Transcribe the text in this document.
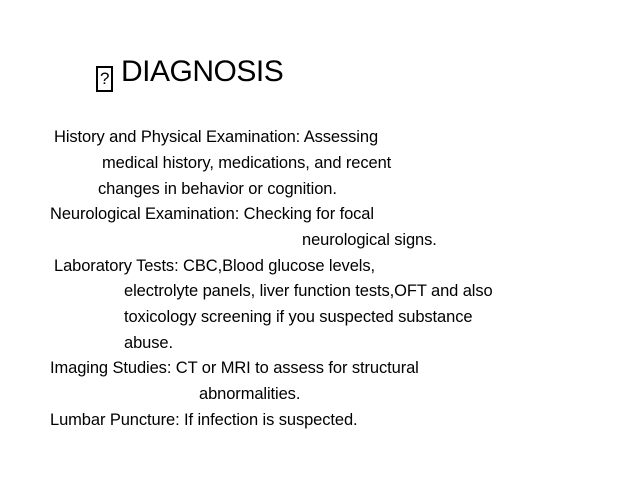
? DIAGNOSIS
History and Physical Examination: Assessing
medical history, medications, and recent
changes in behavior or cognition.
Neurological Examination: Checking for focal
neurological signs.
Laboratory Tests: CBC,Blood glucose levels,
electrolyte panels, liver function tests,OFT and also
toxicology screening if you suspected substance
abuse.
Imaging Studies: CT or MRI to assess for structural
abnormalities.
Lumbar Puncture: If infection is suspected.
